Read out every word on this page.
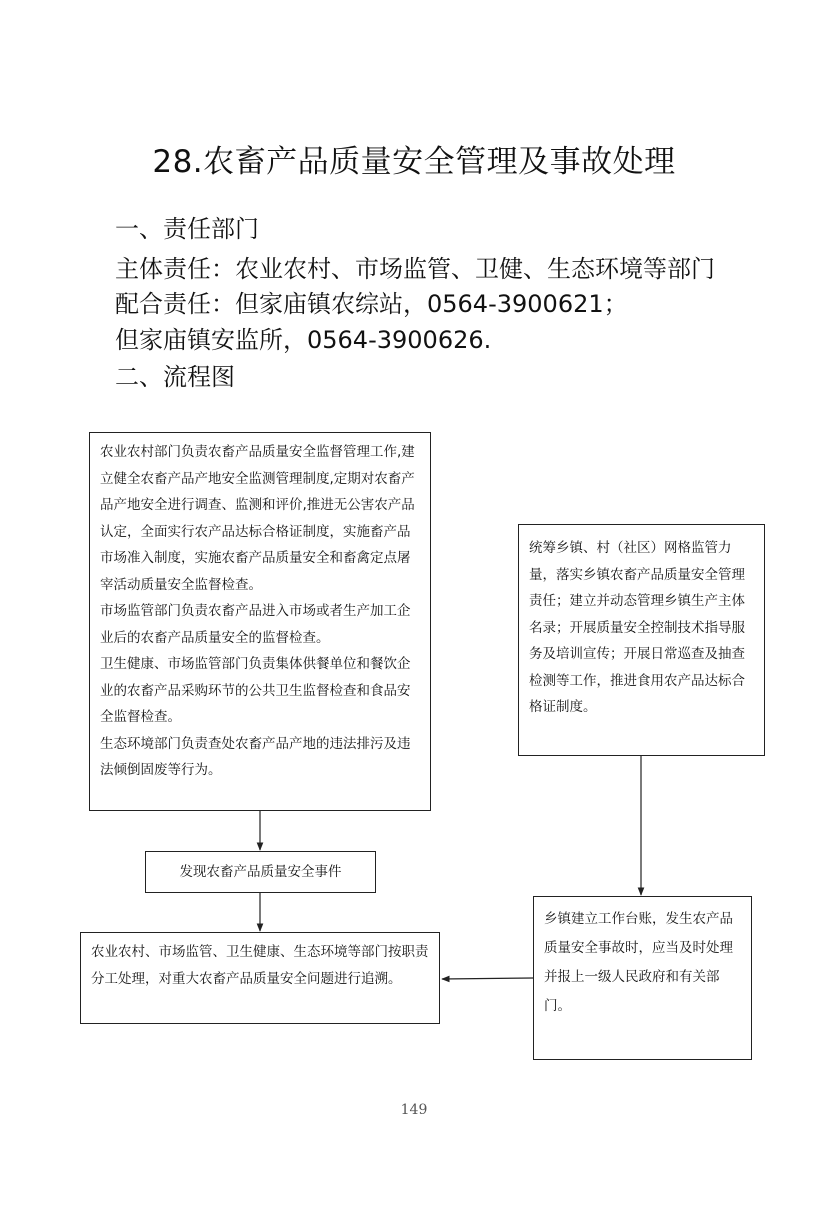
28.农畜产品质量安全管理及事故处理
一、责任部门
主体责任：农业农村、市场监管、卫健、生态环境等部门
配合责任：但家庙镇农综站，0564-3900621；
但家庙镇安监所，0564-3900626.
二、流程图

农业农村部门负责农畜产品质量安全监督管理工作,建立健全农畜产品产地安全监测管理制度,定期对农畜产品产地安全进行调查、监测和评价,推进无公害农产品认定，全面实行农产品达标合格证制度，实施畜产品市场准入制度，实施农畜产品质量安全和畜禽定点屠宰活动质量安全监督检查。

市场监管部门负责农畜产品进入市场或者生产加工企业后的农畜产品质量安全的监督检查。

卫生健康、市场监管部门负责集体供餐单位和餐饮企业的农畜产品采购环节的公共卫生监督检查和食品安全监督检查。

生态环境部门负责查处农畜产品产地的违法排污及违法倾倒固废等行为。

发现农畜产品质量安全事件
农业农村、市场监管、卫生健康、生态环境等部门按职责分工处理，对重大农畜产品质量安全问题进行追溯。
统筹乡镇、村（社区）网格监管力量，落实乡镇农畜产品质量安全管理责任；建立并动态管理乡镇生产主体名录；开展质量安全控制技术指导服务及培训宣传；开展日常巡查及抽查检测等工作，推进食用农产品达标合格证制度。
乡镇建立工作台账，发生农产品质量安全事故时，应当及时处理并报上一级人民政府和有关部门。
149
